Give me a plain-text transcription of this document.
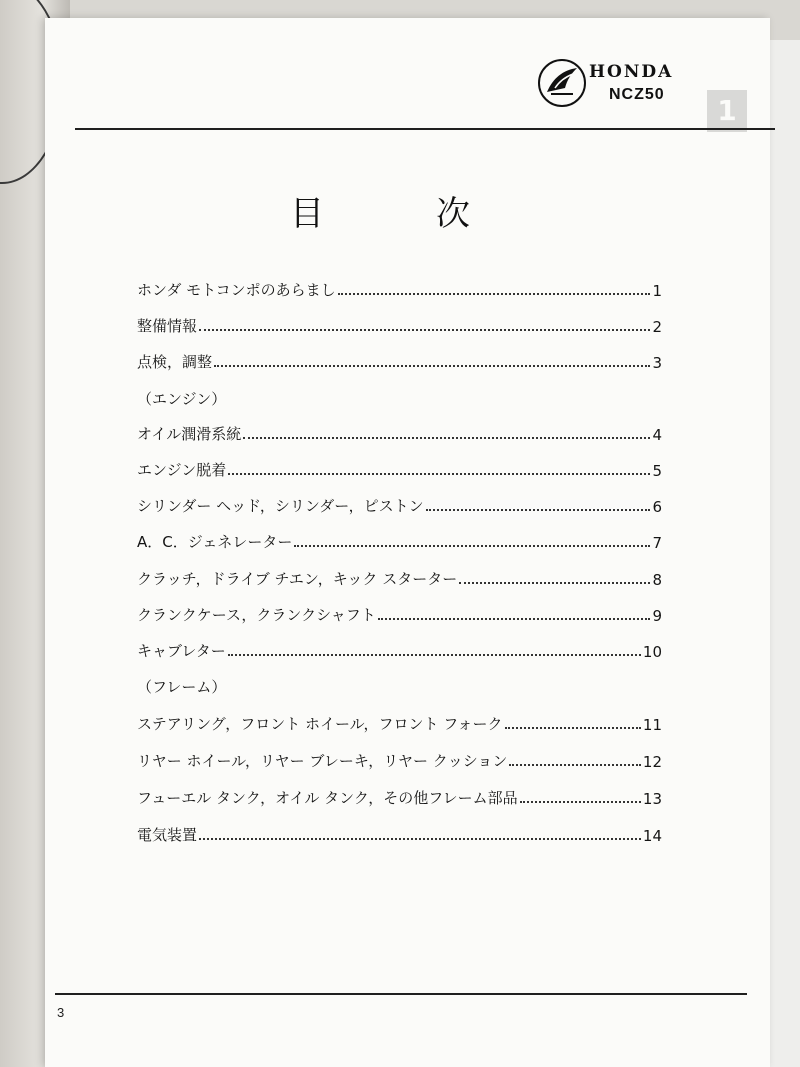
HONDA
NCZ50	1
目	次
ホンダ モトコンポのあらまし	1
整備情報	2
点検，調整	3
（エンジン）
オイル潤滑系統	4
エンジン脱着	5
シリンダー ヘッド，シリンダー，ピストン	6
A．C．ジェネレーター	7
クラッチ，ドライブ チエン，キック スターター	8
クランクケース，クランクシャフト	9
キャブレター	10
（フレーム）
ステアリング，フロント ホイール，フロント フォーク	11
リヤー ホイール，リヤー ブレーキ，リヤー クッション	12
フューエル タンク，オイル タンク，その他フレーム部品	13
電気装置	14
3
